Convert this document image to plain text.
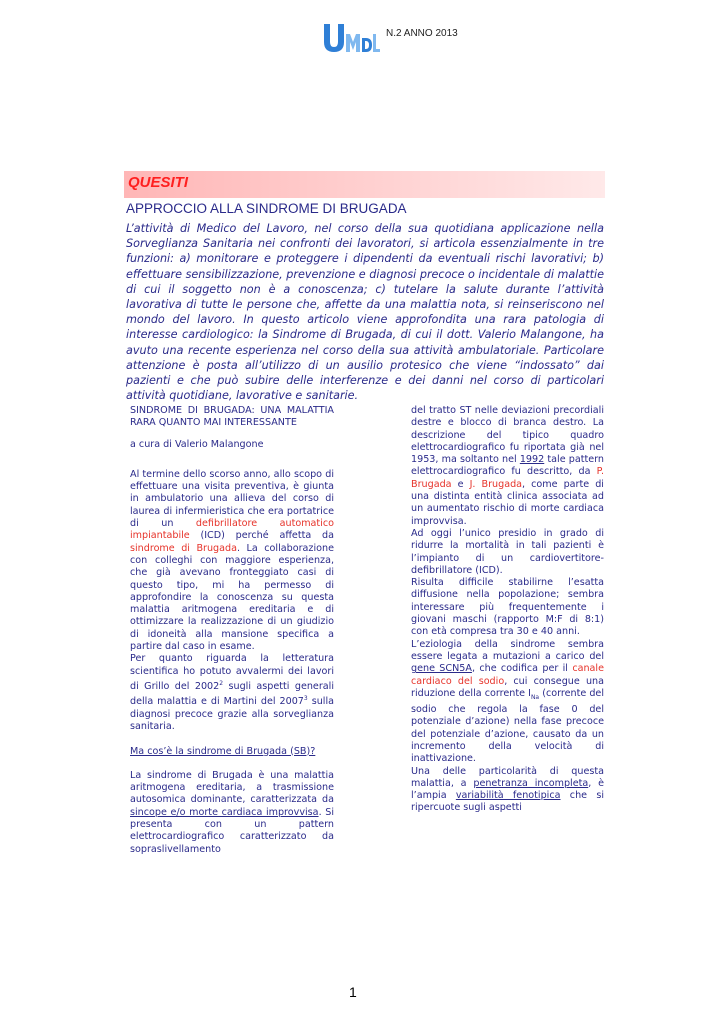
N.2 ANNO 2013
QUESITI
APPROCCIO ALLA SINDROME DI BRUGADA

L’attività di Medico del Lavoro, nel corso della sua quotidiana applicazione nella Sorveglianza Sanitaria nei confronti dei lavoratori, si articola essenzialmente in tre funzioni: a) monitorare e proteggere i dipendenti da eventuali rischi lavorativi; b) effettuare sensibilizzazione, prevenzione e diagnosi precoce o incidentale di malattie di cui il soggetto non è a conoscenza; c) tutelare la salute durante l’attività lavorativa di tutte le persone che, affette da una malattia nota, si reinseriscono nel mondo del lavoro. In questo articolo viene approfondita una rara patologia di interesse cardiologico: la Sindrome di Brugada, di cui il dott. Valerio Malangone, ha avuto una recente esperienza nel corso della sua attività ambulatoriale. Particolare attenzione è posta all’utilizzo di un ausilio protesico che viene “indossato” dai pazienti e che può subire delle interferenze e dei danni nel corso di particolari attività quotidiane, lavorative e sanitarie.

SINDROME DI BRUGADA: UNA MALATTIA RARA QUANTO MAI INTERESSANTE

a cura di Valerio Malangone

Al termine dello scorso anno, allo scopo di effettuare una visita preventiva, è giunta in ambulatorio una allieva del corso di laurea di infermieristica che era portatrice di un defibrillatore automatico impiantabile (ICD) perché affetta da sindrome di Brugada. La collaborazione con colleghi con maggiore esperienza, che già avevano fronteggiato casi di questo tipo, mi ha permesso di approfondire la conoscenza su questa malattia aritmogena ereditaria e di ottimizzare la realizzazione di un giudizio di idoneità alla mansione specifica a partire dal caso in esame.

Per quanto riguarda la letteratura scientifica ho potuto avvalermi dei lavori di Grillo del 2002$^2$ sugli aspetti generali della malattia e di Martini del 2007$^3$ sulla diagnosi precoce grazie alla sorveglianza sanitaria.

Ma cos’è la sindrome di Brugada (SB)?

La sindrome di Brugada è una malattia aritmogena ereditaria, a trasmissione autosomica dominante, caratterizzata da sincope e/o morte cardiaca improvvisa. Si presenta con un pattern elettrocardiografico caratterizzato da sopraslivellamento

del tratto ST nelle deviazioni precordiali destre e blocco di branca destro. La descrizione del tipico quadro elettrocardiografico fu riportata già nel 1953, ma soltanto nel 1992 tale pattern elettrocardiografico fu descritto, da P. Brugada e J. Brugada, come parte di una distinta entità clinica associata ad un aumentato rischio di morte cardiaca improvvisa.

Ad oggi l’unico presidio in grado di ridurre la mortalità in tali pazienti è l’impianto di un cardiovertitore-defibrillatore (ICD).

Risulta difficile stabilirne l’esatta diffusione nella popolazione; sembra interessare più frequentemente i giovani maschi (rapporto M:F di 8:1) con età compresa tra 30 e 40 anni.

L’eziologia della sindrome sembra essere legata a mutazioni a carico del gene SCN5A, che codifica per il canale cardiaco del sodio, cui consegue una riduzione della corrente $I_{Na}$ (corrente del sodio che regola la fase 0 del potenziale d’azione) nella fase precoce del potenziale d’azione, causato da un incremento della velocità di inattivazione.

Una delle particolarità di questa malattia, a penetranza incompleta, è l’ampia variabilità fenotipica che si ripercuote sugli aspetti

1
